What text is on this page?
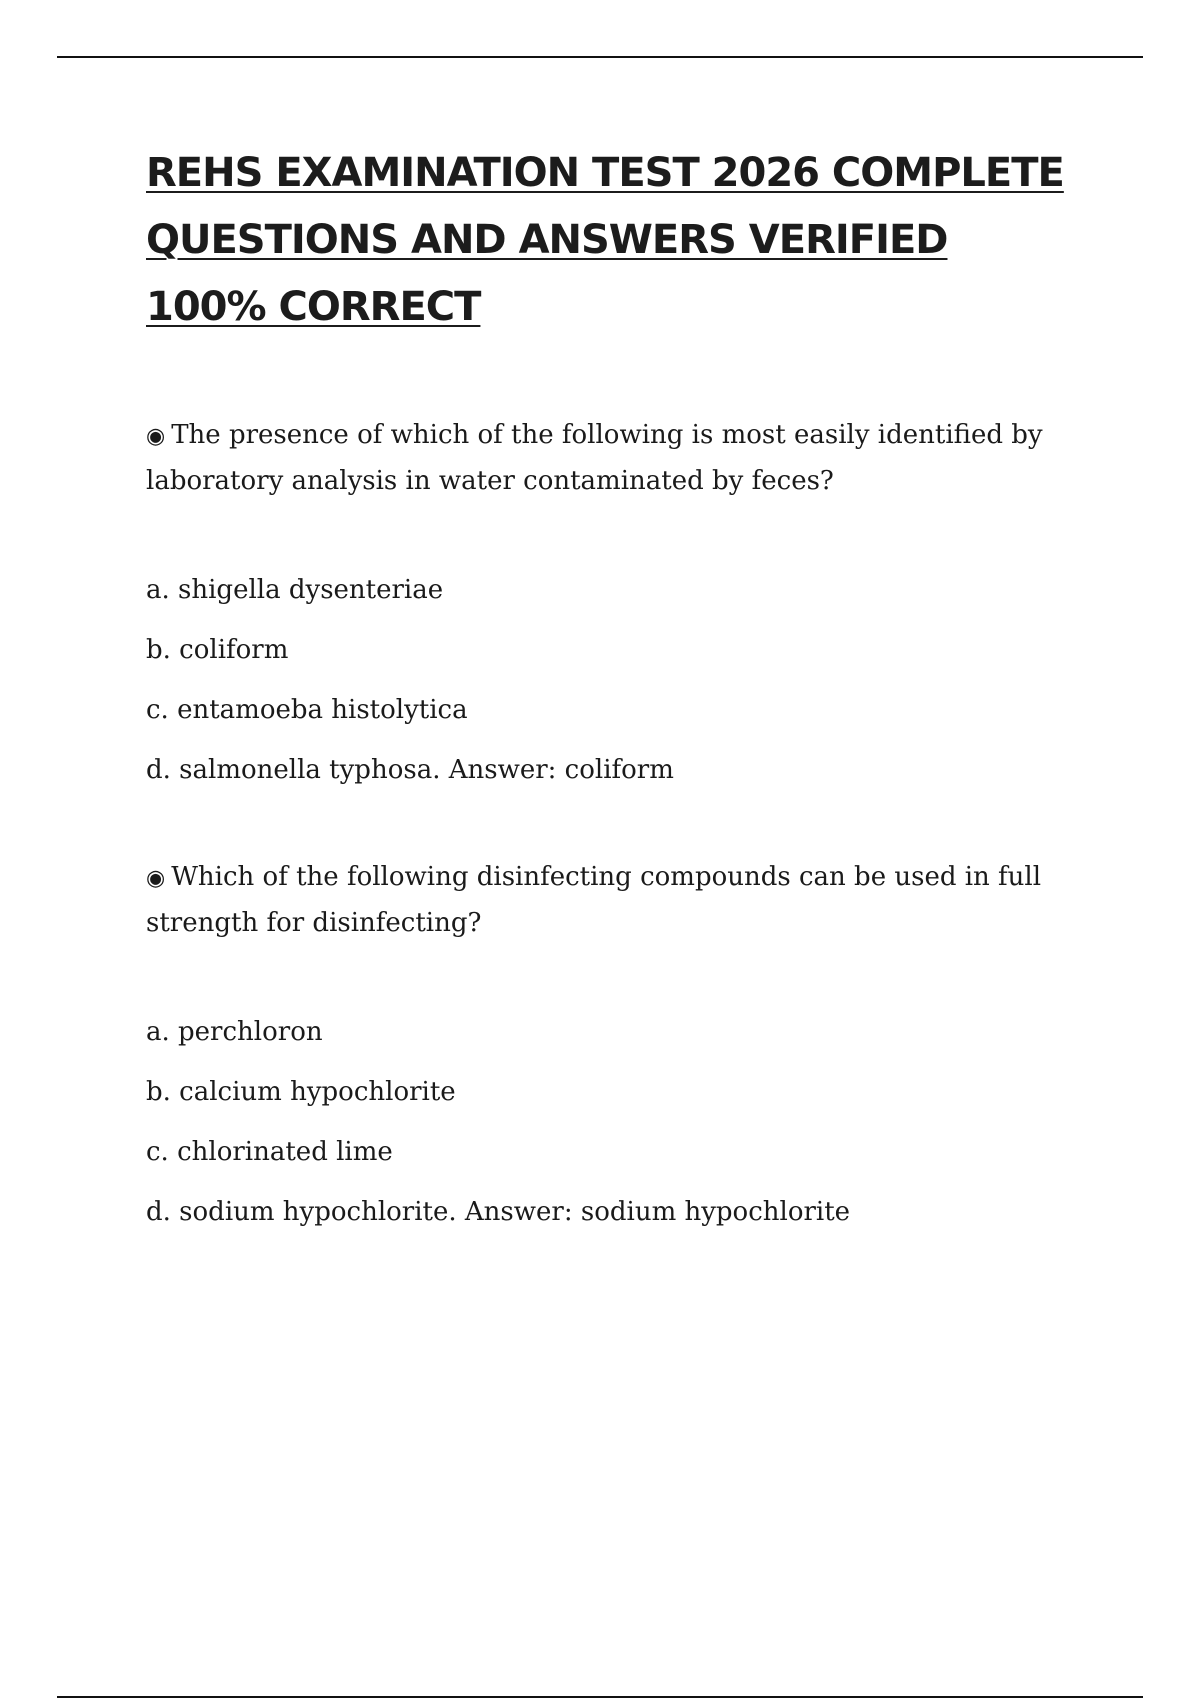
REHS EXAMINATION TEST 2026 COMPLETE QUESTIONS AND ANSWERS VERIFIED 100% CORRECT

◉ The presence of which of the following is most easily identified by laboratory analysis in water contaminated by feces?

a. shigella dysenteriae
b. coliform
c. entamoeba histolytica
d. salmonella typhosa. Answer: coliform

◉ Which of the following disinfecting compounds can be used in full strength for disinfecting?

a. perchloron
b. calcium hypochlorite
c. chlorinated lime
d. sodium hypochlorite. Answer: sodium hypochlorite
